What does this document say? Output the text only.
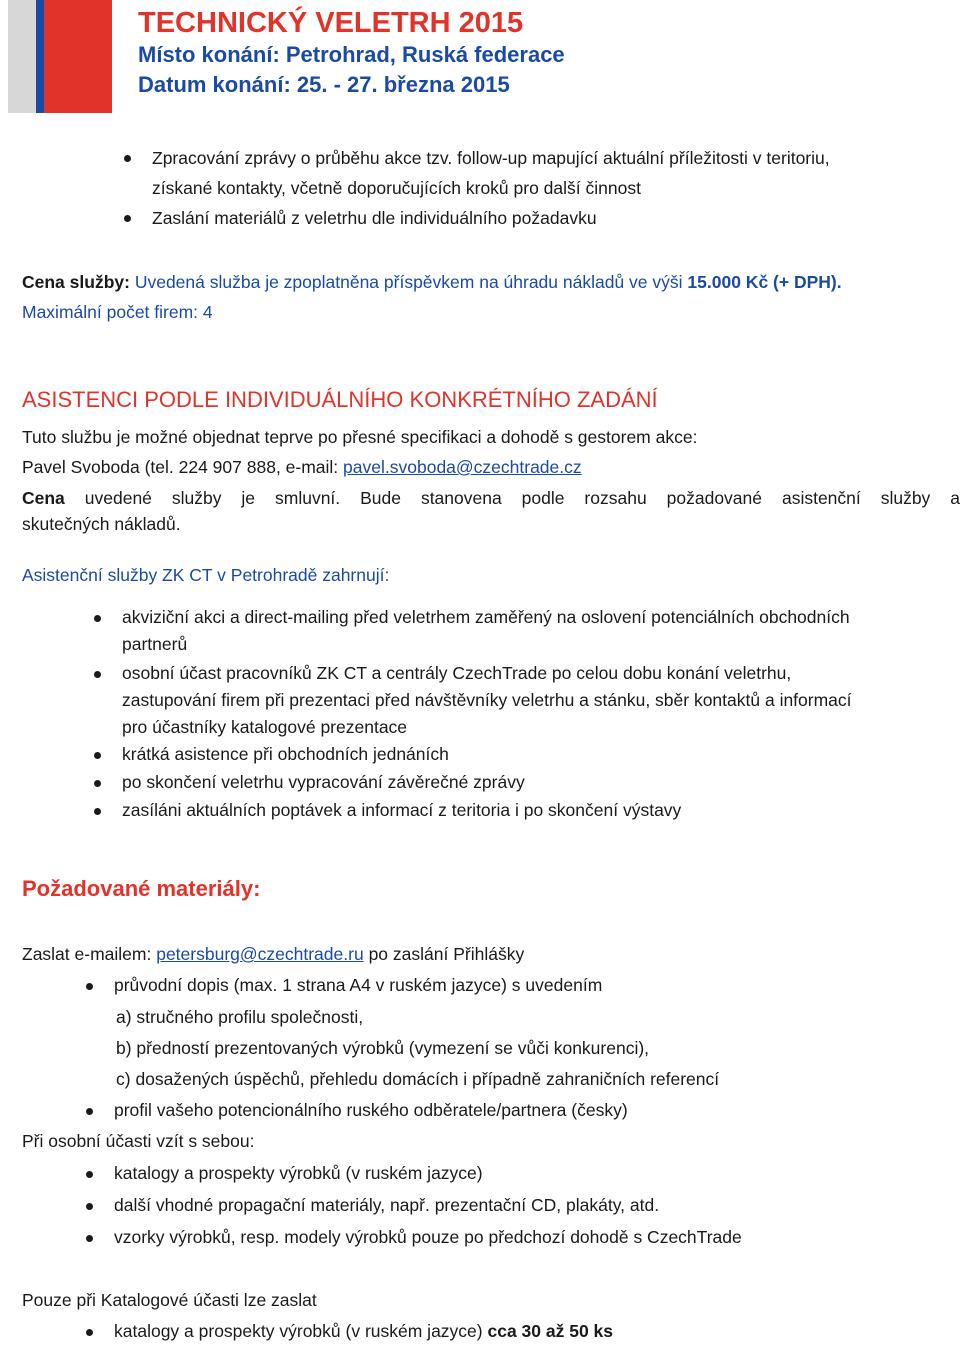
TECHNICKÝ VELETRH 2015
Místo konání: Petrohrad, Ruská federace
Datum konání: 25. - 27. března 2015
Zpracování zprávy o průběhu akce tzv. follow-up mapující aktuální příležitosti v teritoriu,
získané kontakty, včetně doporučujících kroků pro další činnost
Zaslání materiálů z veletrhu dle individuálního požadavku
Cena služby: Uvedená služba je zpoplatněna příspěvkem na úhradu nákladů ve výši 15.000 Kč (+ DPH).
Maximální počet firem: 4
ASISTENCI PODLE INDIVIDUÁLNÍHO KONKRÉTNÍHO ZADÁNÍ
Tuto službu je možné objednat teprve po přesné specifikaci a dohodě s gestorem akce:
Pavel Svoboda (tel. 224 907 888, e-mail: pavel.svoboda@czechtrade.cz
Cena uvedené služby je smluvní. Bude stanovena podle rozsahu požadované asistenční služby a
skutečných nákladů.
Asistenční služby ZK CT v Petrohradě zahrnují:
akviziční akci a direct-mailing před veletrhem zaměřený na oslovení potenciálních obchodních
partnerů
osobní účast pracovníků ZK CT a centrály CzechTrade po celou dobu konání veletrhu,
zastupování firem při prezentaci před návštěvníky veletrhu a stánku, sběr kontaktů a informací
pro účastníky katalogové prezentace
krátká asistence při obchodních jednáních
po skončení veletrhu vypracování závěrečné zprávy
zasíláni aktuálních poptávek a informací z teritoria i po skončení výstavy
Požadované materiály:
Zaslat e-mailem: petersburg@czechtrade.ru po zaslání Přihlášky
průvodní dopis (max. 1 strana A4 v ruském jazyce) s uvedením
a) stručného profilu společnosti,
b) předností prezentovaných výrobků (vymezení se vůči konkurenci),
c) dosažených úspěchů, přehledu domácích i případně zahraničních referencí
profil vašeho potencionálního ruského odběratele/partnera (česky)
Při osobní účasti vzít s sebou:
katalogy a prospekty výrobků (v ruském jazyce)
další vhodné propagační materiály, např. prezentační CD, plakáty, atd.
vzorky výrobků, resp. modely výrobků pouze po předchozí dohodě s CzechTrade
Pouze při Katalogové účasti lze zaslat
katalogy a prospekty výrobků (v ruském jazyce) cca 30 až 50 ks
